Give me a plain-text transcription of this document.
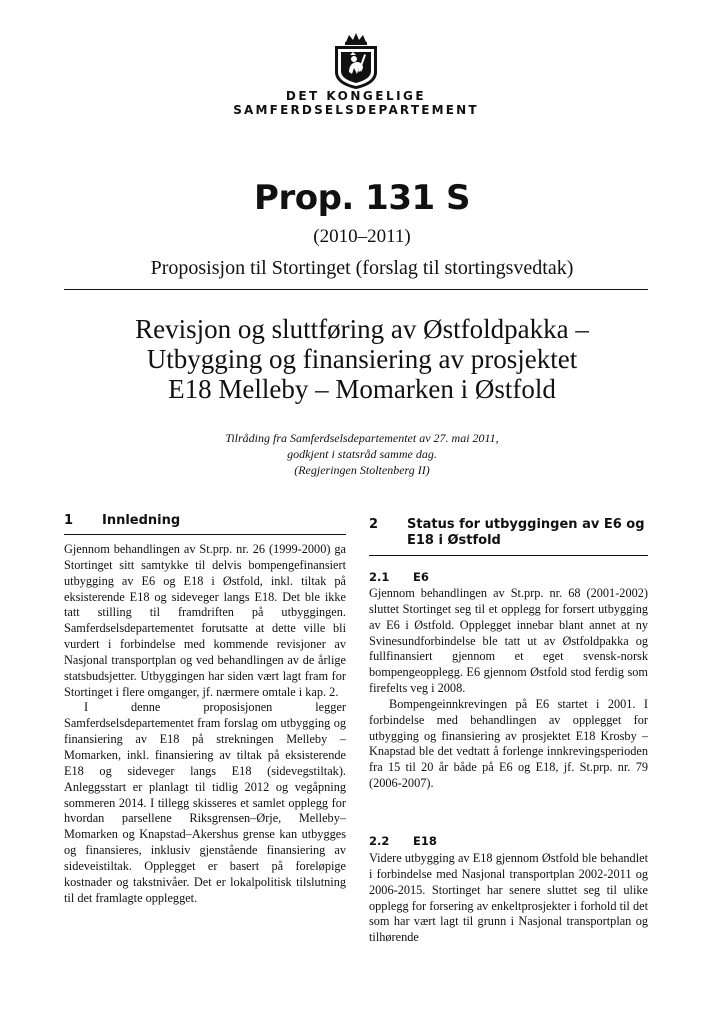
DET KONGELIGE
SAMFERDSELSDEPARTEMENT
Prop. 131 S
(2010–2011)
Proposisjon til Stortinget (forslag til stortingsvedtak)
Revisjon og sluttføring av Østfoldpakka –
Utbygging og finansiering av prosjektet
E18 Melleby – Momarken i Østfold
Tilråding fra Samferdselsdepartementet av 27. mai 2011,
godkjent i statsråd samme dag.
(Regjeringen Stoltenberg II)
1 Innledning

Gjennom behandlingen av St.prp. nr. 26 (1999-2000) ga Stortinget sitt samtykke til delvis bompengefinansiert utbygging av E6 og E18 i Østfold, inkl. tiltak på eksisterende E18 og sideveger langs E18. Det ble ikke tatt stilling til framdriften på utbyggingen. Samferdselsdepartementet forutsatte at dette ville bli vurdert i forbindelse med kommende revisjoner av Nasjonal transportplan og ved behandlingen av de årlige statsbudsjetter. Utbyggingen har siden vært lagt fram for Stortinget i flere omganger, jf. nærmere omtale i kap. 2.

I denne proposisjonen legger Samferdselsdepartementet fram forslag om utbygging og finansiering av E18 på strekningen Melleby – Momarken, inkl. finansiering av tiltak på eksisterende E18 og sideveger langs E18 (sidevegstiltak). Anleggsstart er planlagt til tidlig 2012 og vegåpning sommeren 2014. I tillegg skisseres et samlet opplegg for hvordan parsellene Riksgrensen–Ørje, Melleby–Momarken og Knapstad–Akershus grense kan utbygges og finansieres, inklusiv gjenstående finansiering av sideveistiltak. Opplegget er basert på foreløpige kostnader og takstnivåer. Det er lokalpolitisk tilslutning til det framlagte opplegget.

2 Status for utbyggingen av E6 og E18 i Østfold
2.1 E6

Gjennom behandlingen av St.prp. nr. 68 (2001-2002) sluttet Stortinget seg til et opplegg for forsert utbygging av E6 i Østfold. Opplegget innebar blant annet at ny Svinesundforbindelse ble tatt ut av Østfoldpakka og fullfinansiert gjennom et eget svensk-norsk bompengeopplegg. E6 gjennom Østfold stod ferdig som firefelts veg i 2008.

Bompengeinnkrevingen på E6 startet i 2001. I forbindelse med behandlingen av opplegget for utbygging og finansiering av prosjektet E18 Krosby – Knapstad ble det vedtatt å forlenge innkrevingsperioden fra 15 til 20 år både på E6 og E18, jf. St.prp. nr. 79 (2006-2007).

2.2 E18

Videre utbygging av E18 gjennom Østfold ble behandlet i forbindelse med Nasjonal transportplan 2002-2011 og 2006-2015. Stortinget har senere sluttet seg til ulike opplegg for forsering av enkeltprosjekter i forhold til det som har vært lagt til grunn i Nasjonal transportplan og tilhørende
